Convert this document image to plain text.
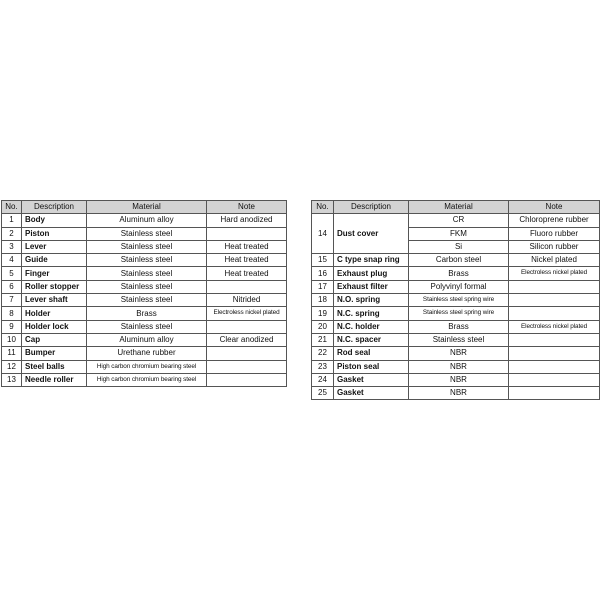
No.	Description	Material	Note
1	Body	Aluminum alloy	Hard anodized
2	Piston	Stainless steel	
3	Lever	Stainless steel	Heat treated
4	Guide	Stainless steel	Heat treated
5	Finger	Stainless steel	Heat treated
6	Roller stopper	Stainless steel	
7	Lever shaft	Stainless steel	Nitrided
8	Holder	Brass	Electroless nickel plated
9	Holder lock	Stainless steel	
10	Cap	Aluminum alloy	Clear anodized
11	Bumper	Urethane rubber	
12	Steel balls	High carbon chromium bearing steel	
13	Needle roller	High carbon chromium bearing steel	
No.	Description	Material	Note
14	Dust cover	CR	Chloroprene rubber
		FKM	Fluoro rubber
		Si	Silicon rubber
15	C type snap ring	Carbon steel	Nickel plated
16	Exhaust plug	Brass	Electroless nickel plated
17	Exhaust filter	Polyvinyl formal	
18	N.O. spring	Stainless steel spring wire	
19	N.C. spring	Stainless steel spring wire	
20	N.C. holder	Brass	Electroless nickel plated
21	N.C. spacer	Stainless steel	
22	Rod seal	NBR	
23	Piston seal	NBR	
24	Gasket	NBR	
25	Gasket	NBR	
